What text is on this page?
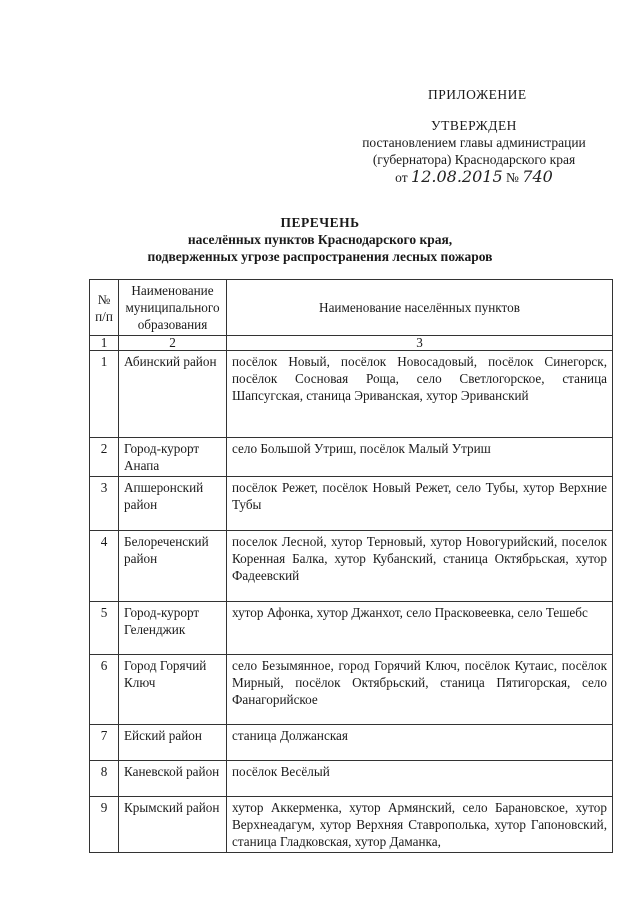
ПРИЛОЖЕНИЕ
УТВЕРЖДЕН
постановлением главы администрации
(губернатора) Краснодарского края
от 12.08.2015 № 740
ПЕРЕЧЕНЬ
населённых пунктов Краснодарского края,
подверженных угрозе распространения лесных пожаров
№ п/п	Наименование муниципального образования	Наименование населённых пунктов
1	2	3
1	Абинский район	посёлок Новый, посёлок Новосадовый, посёлок Синегорск, посёлок Сосновая Роща, село Светлогорское, станица Шапсугская, станица Эриванская, хутор Эриванский
2	Город-курорт Анапа	село Большой Утриш, посёлок Малый Утриш
3	Апшеронский район	посёлок Режет, посёлок Новый Режет, село Тубы, хутор Верхние Тубы
4	Белореченский район	поселок Лесной, хутор Терновый, хутор Новогурийский, поселок Коренная Балка, хутор Кубанский, станица Октябрьская, хутор Фадеевский
5	Город-курорт Геленджик	хутор Афонка, хутор Джанхот, село Прасковеевка, село Тешебс
6	Город Горячий Ключ	село Безымянное, город Горячий Ключ, посёлок Кутаис, посёлок Мирный, посёлок Октябрьский, станица Пятигорская, село Фанагорийское
7	Ейский район	станица Должанская
8	Каневской район	посёлок Весёлый
9	Крымский район	хутор Аккерменка, хутор Армянский, село Барановское, хутор Верхнеадагум, хутор Верхняя Ставрополька, хутор Гапоновский, станица Гладковская, хутор Даманка,
